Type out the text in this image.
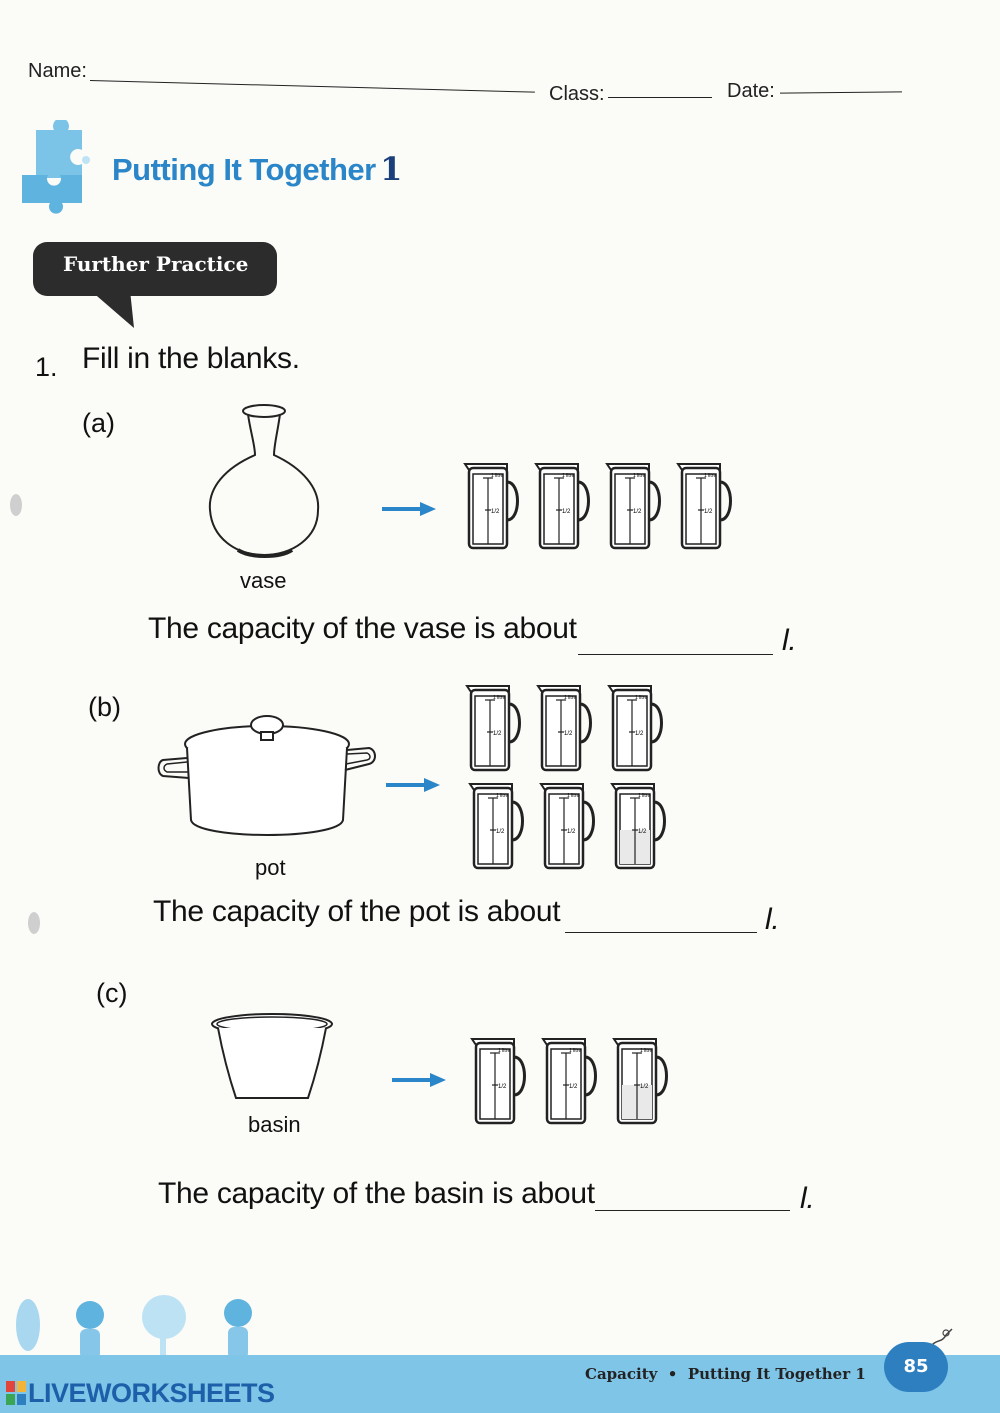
Name:
Class:	Date:
Putting It Together 1
Further Practice
1. Fill in the blanks.
(a)
vase
1 litre
1/2
1 litre
1/2
1 litre
1/2
1 litre
1/2
The capacity of the vase is about	l.
(b)
pot
1 litre
1/2
1 litre
1/2
1 litre
1/2
1 litre
1/2
1 litre
1/2
1 litre
1/2
The capacity of the pot is about	l.
(c)
basin
1 litre
1/2
1 litre
1/2
1 litre
1/2
The capacity of the basin is about	l.
Capacity • Putting It Together 1	85
LIVEWORKSHEETS
